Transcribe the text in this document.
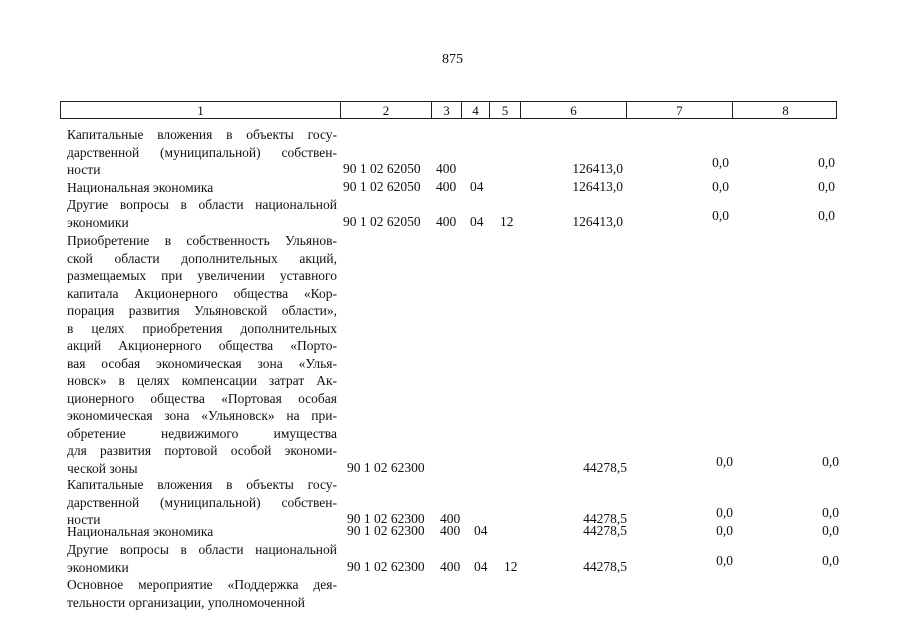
875
1	2	3	4	5	6	7	8
Капитальные вложения в объекты госу-
дарственной (муниципальной) собствен-
ности	90 1 02 62050 400	126413,0	0,0	0,0
Национальная экономика	90 1 02 62050 400 04	126413,0	0,0	0,0
Другие вопросы в области национальной
экономики	90 1 02 62050 400 04 12	126413,0	0,0	0,0
Приобретение в собственность Ульянов-
ской области дополнительных акций,
размещаемых при увеличении уставного
капитала Акционерного общества «Кор-
порация развития Ульяновской области»,
в целях приобретения дополнительных
акций Акционерного общества «Порто-
вая особая экономическая зона «Улья-
новск» в целях компенсации затрат Ак-
ционерного общества «Портовая особая
экономическая зона «Ульяновск» на при-
обретение недвижимого имущества
для развития портовой особой экономи-
ческой зоны	90 1 02 62300	44278,5	0,0	0,0
Капитальные вложения в объекты госу-
дарственной (муниципальной) собствен-
ности	90 1 02 62300 400	44278,5	0,0	0,0
Национальная экономика	90 1 02 62300 400 04	44278,5	0,0	0,0
Другие вопросы в области национальной
экономики	90 1 02 62300 400 04 12	44278,5	0,0	0,0
Основное мероприятие «Поддержка дея-
тельности организации, уполномоченной
